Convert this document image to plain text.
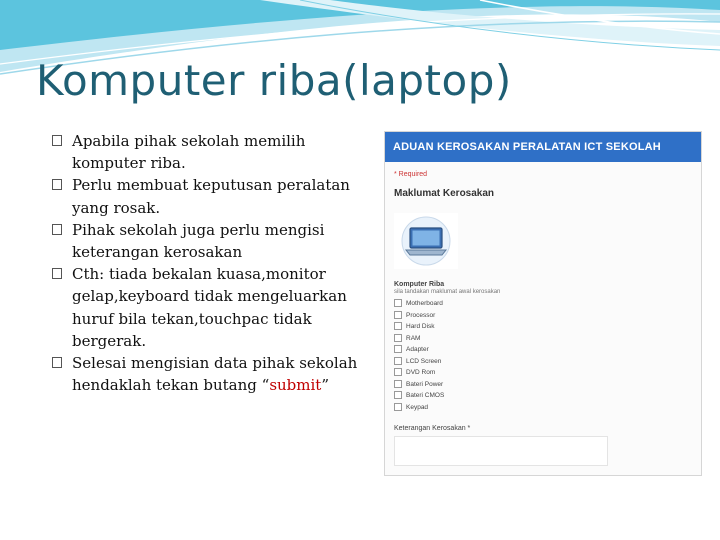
Komputer riba(laptop)
Apabila pihak sekolah memilih komputer riba.
Perlu membuat keputusan peralatan yang rosak.
Pihak sekolah juga perlu mengisi keterangan kerosakan
Cth: tiada bekalan kuasa,monitor gelap,keyboard tidak mengeluarkan huruf bila tekan,touchpac tidak bergerak.
Selesai mengisian data pihak sekolah hendaklah tekan butang “submit”
ADUAN KEROSAKAN PERALATAN ICT SEKOLAH
* Required
Maklumat Kerosakan
Komputer Riba
sila tandakan maklumat awal kerosakan
Motherboard
Processor
Hard Disk
RAM
Adapter
LCD Screen
DVD Rom
Bateri Power
Bateri CMOS
Keypad
Keterangan Kerosakan *
